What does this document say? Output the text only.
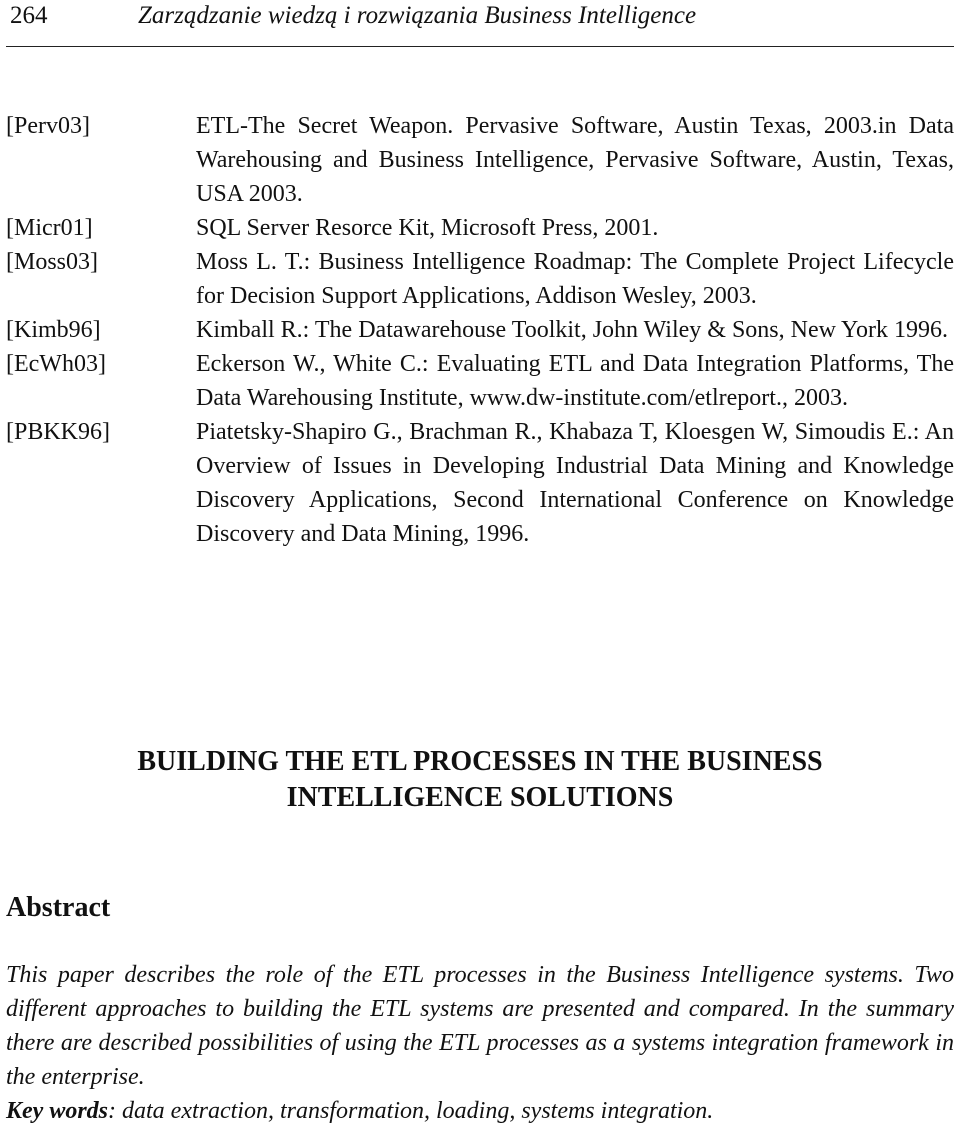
264	Zarządzanie wiedzą i rozwiązania Business Intelligence
[Perv03]	ETL-The Secret Weapon. Pervasive Software, Austin Texas, 2003.in Data Warehousing and Business Intelligence, Pervasive Software, Austin, Texas, USA 2003.
[Micr01]	SQL Server Resorce Kit, Microsoft Press, 2001.
[Moss03]	Moss L. T.: Business Intelligence Roadmap: The Complete Project Lifecycle for Decision Support Applications, Addison Wesley, 2003.
[Kimb96]	Kimball R.: The Datawarehouse Toolkit, John Wiley & Sons, New York 1996.
[EcWh03]	Eckerson W., White C.: Evaluating ETL and Data Integration Platforms, The Data Warehousing Institute, www.dw-institute.com/etlreport., 2003.
[PBKK96]	Piatetsky-Shapiro G., Brachman R., Khabaza T, Kloesgen W, Simoudis E.: An Overview of Issues in Developing Industrial Data Mining and Knowledge Discovery Applications, Second International Conference on Knowledge Discovery and Data Mining, 1996.
BUILDING THE ETL PROCESSES IN THE BUSINESS
INTELLIGENCE SOLUTIONS
Abstract
This paper describes the role of the ETL processes in the Business Intelligence systems. Two different approaches to building the ETL systems are presented and compared. In the summary there are described possibilities of using the ETL processes as a systems integration framework in the enterprise.
Key words: data extraction, transformation, loading, systems integration.
